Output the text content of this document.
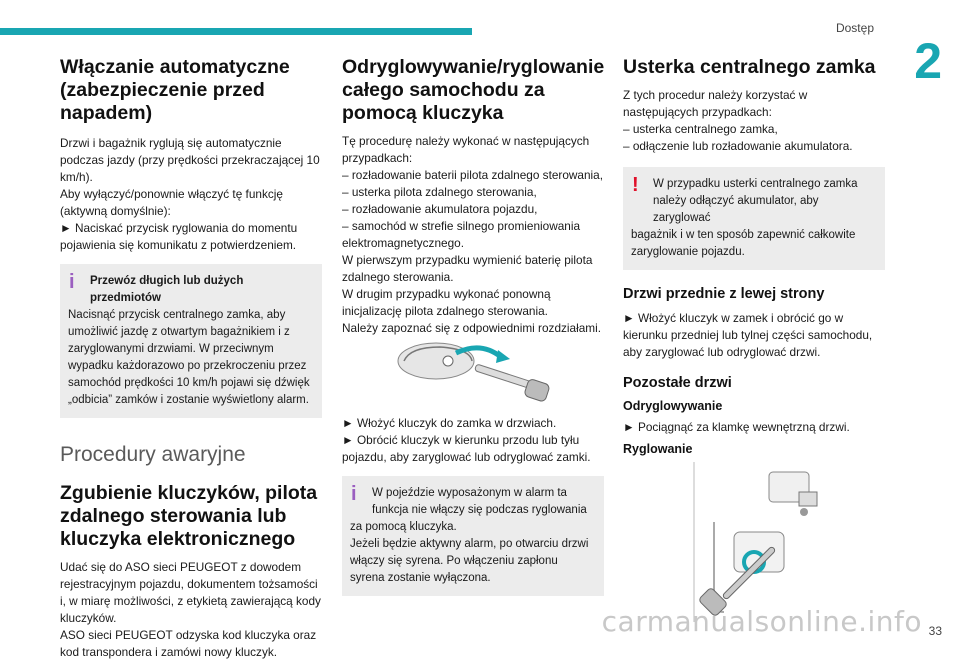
Dostęp
2
Włączanie automatyczne (zabezpieczenie przed napadem)

Drzwi i bagażnik ryglują się automatycznie podczas jazdy (przy prędkości przekraczającej 10 km/h).
Aby wyłączyć/ponownie włączyć tę funkcję (aktywną domyślnie):
► Naciskać przycisk ryglowania do momentu pojawienia się komunikatu z potwierdzeniem.

i	Przewóz długich lub dużych przedmiotów
Nacisnąć przycisk centralnego zamka, aby umożliwić jazdę z otwartym bagażnikiem i z zaryglowanymi drzwiami. W przeciwnym wypadku każdorazowo po przekroczeniu przez samochód prędkości 10 km/h pojawi się dźwięk „odbicia” zamków i zostanie wyświetlony alarm.
Procedury awaryjne
Zgubienie kluczyków, pilota zdalnego sterowania lub kluczyka elektronicznego

Udać się do ASO sieci PEUGEOT z dowodem rejestracyjnym pojazdu, dokumentem tożsamości i, w miarę możliwości, z etykietą zawierającą kody kluczyków.
ASO sieci PEUGEOT odzyska kod kluczyka oraz kod transpondera i zamówi nowy kluczyk.

Odryglowywanie/ryglowanie całego samochodu za pomocą kluczyka

Tę procedurę należy wykonać w następujących przypadkach:
– rozładowanie baterii pilota zdalnego sterowania,
– usterka pilota zdalnego sterowania,
– rozładowanie akumulatora pojazdu,
– samochód w strefie silnego promieniowania elektromagnetycznego.
W pierwszym przypadku wymienić baterię pilota zdalnego sterowania.
W drugim przypadku wykonać ponowną inicjalizację pilota zdalnego sterowania.
Należy zapoznać się z odpowiednimi rozdziałami.

► Włożyć kluczyk do zamka w drzwiach.
► Obrócić kluczyk w kierunku przodu lub tyłu pojazdu, aby zaryglować lub odryglować zamki.

i	W pojeździe wyposażonym w alarm ta funkcja nie włączy się podczas ryglowania
za pomocą kluczyka.
Jeżeli będzie aktywny alarm, po otwarciu drzwi włączy się syrena. Po włączeniu zapłonu syrena zostanie wyłączona.
Usterka centralnego zamka

Z tych procedur należy korzystać w następujących przypadkach:
– usterka centralnego zamka,
– odłączenie lub rozładowanie akumulatora.

!	W przypadku usterki centralnego zamka należy odłączyć akumulator, aby zaryglować
bagażnik i w ten sposób zapewnić całkowite zaryglowanie pojazdu.
Drzwi przednie z lewej strony

► Włożyć kluczyk w zamek i obrócić go w kierunku przedniej lub tylnej części samochodu, aby zaryglować lub odryglować drzwi.

Pozostałe drzwi
Odryglowywanie

► Pociągnąć za klamkę wewnętrzną drzwi.

Ryglowanie
carmanualsonline.info 33
